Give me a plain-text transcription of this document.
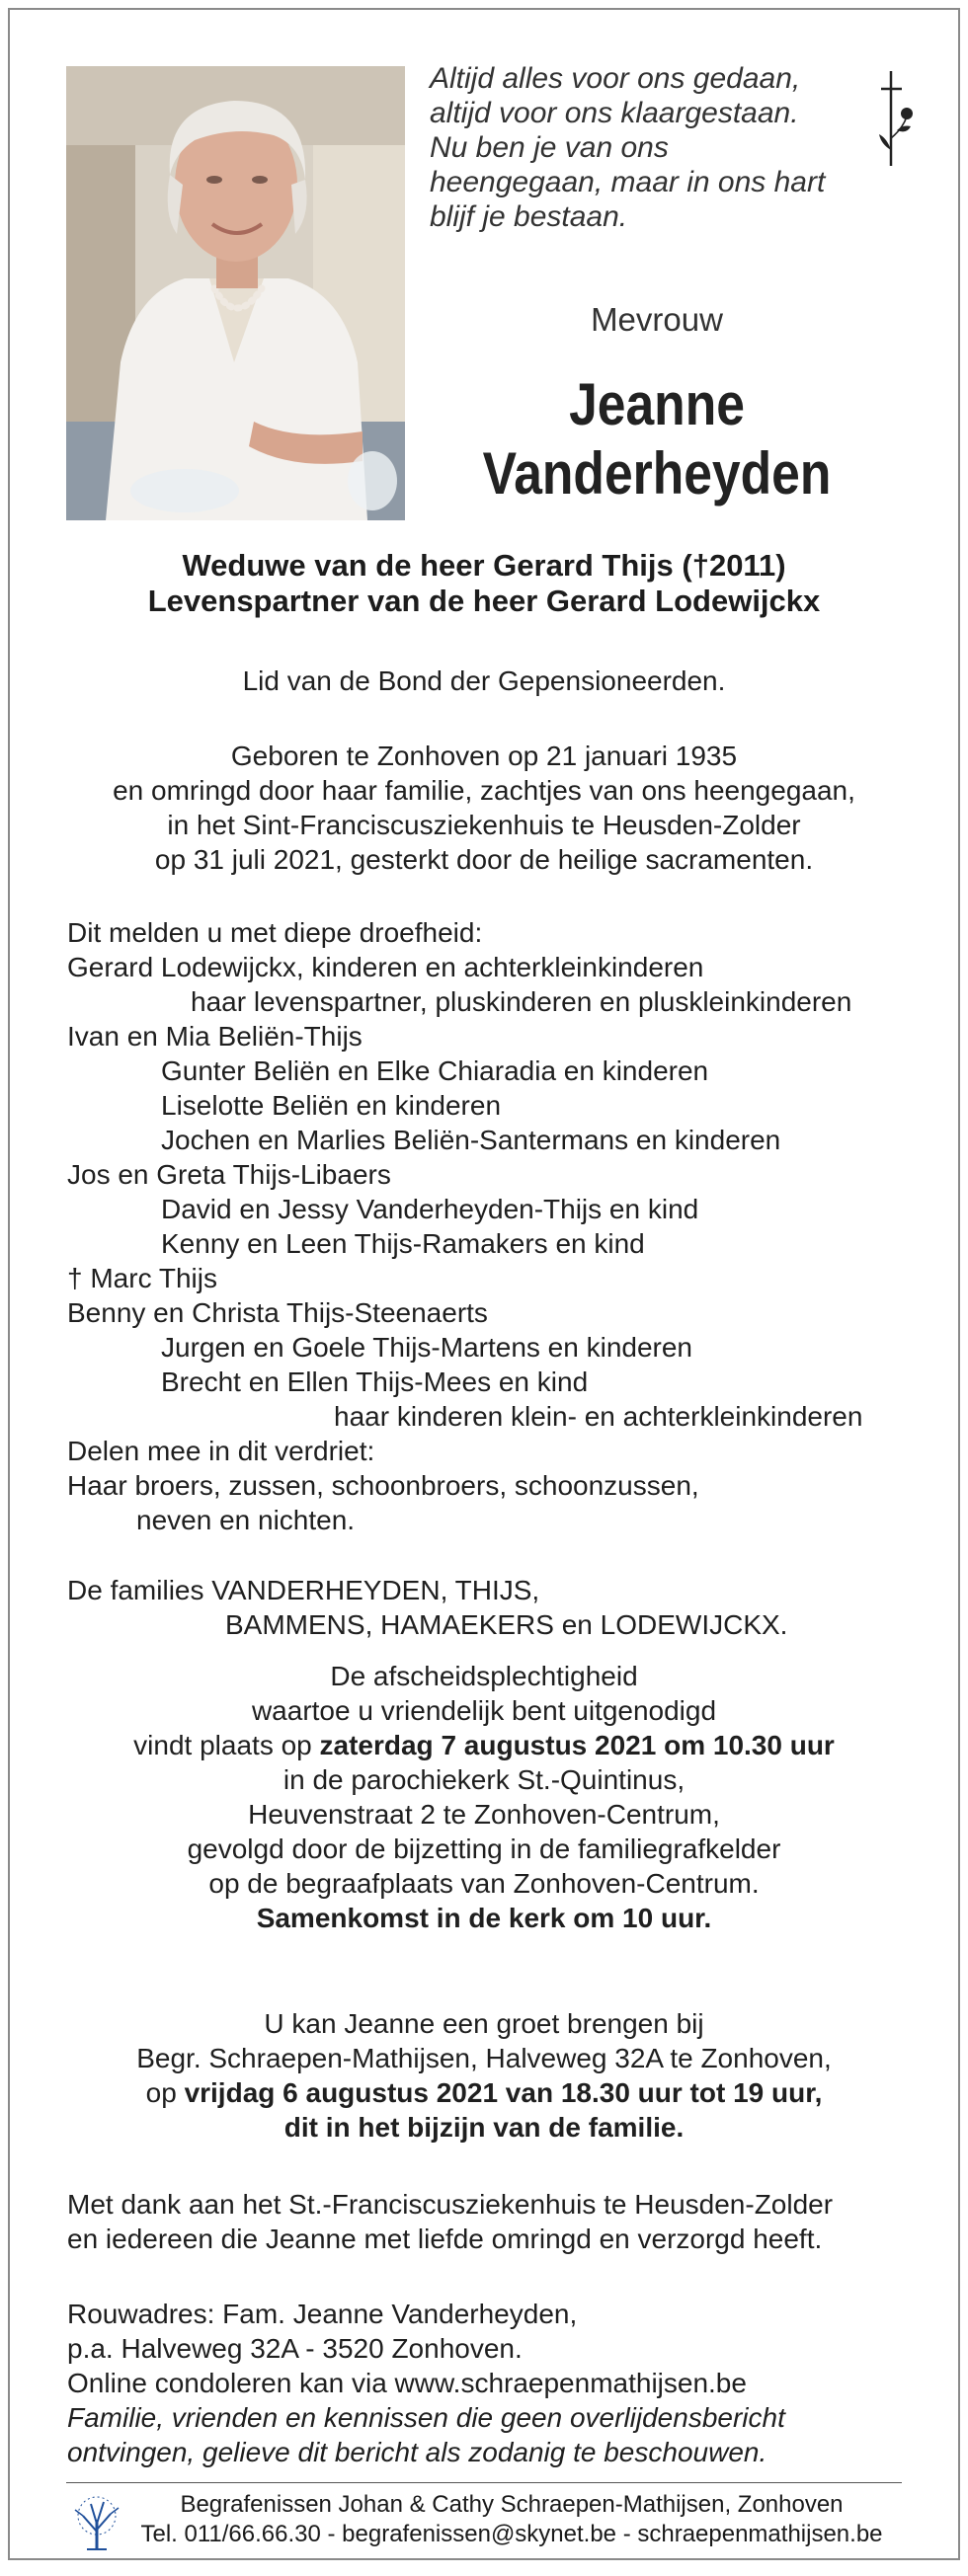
Altijd alles voor ons gedaan,
altijd voor ons klaargestaan.
Nu ben je van ons
heengegaan, maar in ons hart
blijf je bestaan.
Mevrouw
Jeanne
Vanderheyden
Weduwe van de heer Gerard Thijs (†2011)
Levenspartner van de heer Gerard Lodewijckx
Lid van de Bond der Gepensioneerden.
Geboren te Zonhoven op 21 januari 1935
en omringd door haar familie, zachtjes van ons heengegaan,
in het Sint-Franciscusziekenhuis te Heusden-Zolder
op 31 juli 2021, gesterkt door de heilige sacramenten.
Dit melden u met diepe droefheid:
Gerard Lodewijckx, kinderen en achterkleinkinderen
haar levenspartner, pluskinderen en pluskleinkinderen
Ivan en Mia Beliën-Thijs
Gunter Beliën en Elke Chiaradia en kinderen
Liselotte Beliën en kinderen
Jochen en Marlies Beliën-Santermans en kinderen
Jos en Greta Thijs-Libaers
David en Jessy Vanderheyden-Thijs en kind
Kenny en Leen Thijs-Ramakers en kind
† Marc Thijs
Benny en Christa Thijs-Steenaerts
Jurgen en Goele Thijs-Martens en kinderen
Brecht en Ellen Thijs-Mees en kind
haar kinderen klein- en achterkleinkinderen
Delen mee in dit verdriet:
Haar broers, zussen, schoonbroers, schoonzussen,
neven en nichten.
De families VANDERHEYDEN, THIJS,
BAMMENS, HAMAEKERS en LODEWIJCKX.
De afscheidsplechtigheid
waartoe u vriendelijk bent uitgenodigd
vindt plaats op zaterdag 7 augustus 2021 om 10.30 uur
in de parochiekerk St.-Quintinus,
Heuvenstraat 2 te Zonhoven-Centrum,
gevolgd door de bijzetting in de familiegrafkelder
op de begraafplaats van Zonhoven-Centrum.
Samenkomst in de kerk om 10 uur.
U kan Jeanne een groet brengen bij
Begr. Schraepen-Mathijsen, Halveweg 32A te Zonhoven,
op vrijdag 6 augustus 2021 van 18.30 uur tot 19 uur,
dit in het bijzijn van de familie.
Met dank aan het St.-Franciscusziekenhuis te Heusden-Zolder
en iedereen die Jeanne met liefde omringd en verzorgd heeft.
Rouwadres: Fam. Jeanne Vanderheyden,
p.a. Halveweg 32A - 3520 Zonhoven.
Online condoleren kan via www.schraepenmathijsen.be
Familie, vrienden en kennissen die geen overlijdensbericht
ontvingen, gelieve dit bericht als zodanig te beschouwen.
Begrafenissen Johan & Cathy Schraepen-Mathijsen, Zonhoven
Tel. 011/66.66.30 - begrafenissen@skynet.be - schraepenmathijsen.be
